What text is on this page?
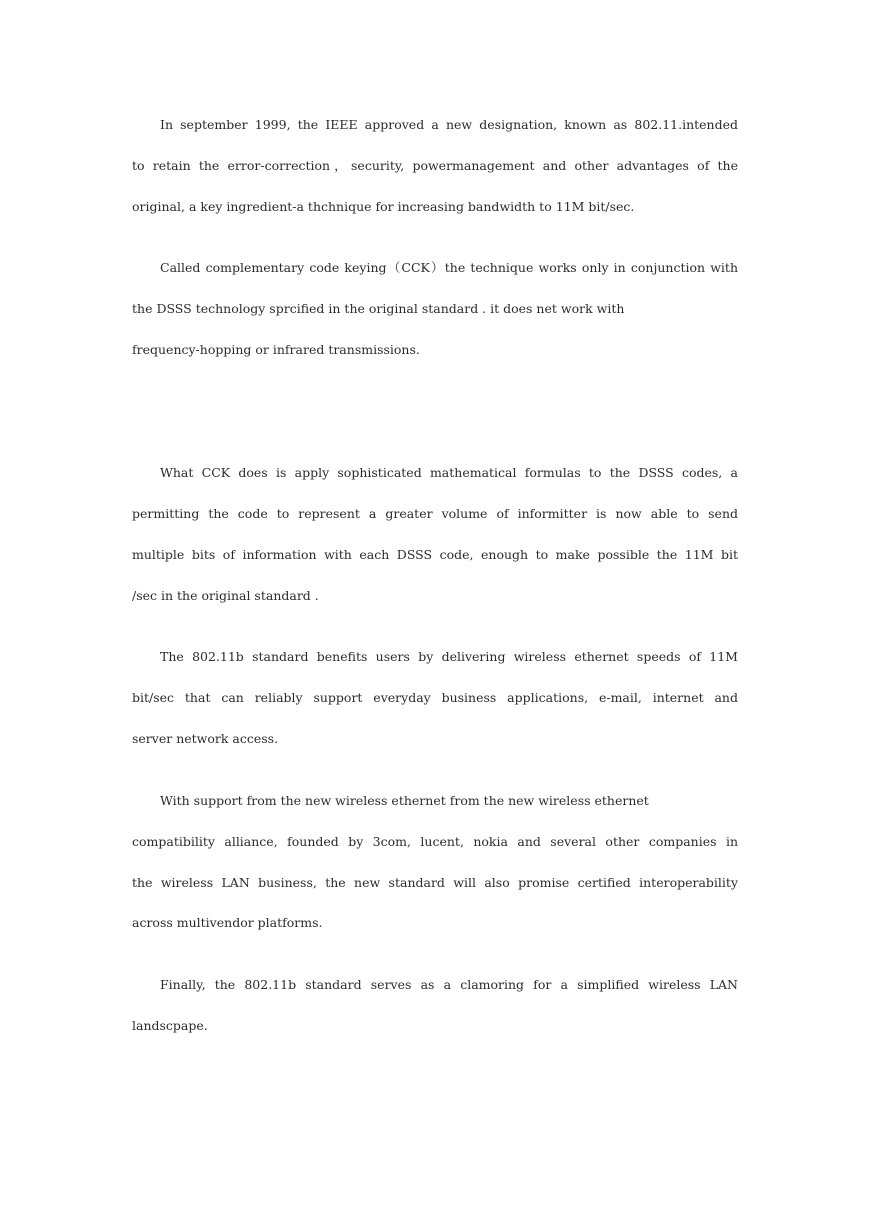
In september 1999, the IEEE approved a new designation, known as 802.11.intended

to retain the error-correction，security, powermanagement and other advantages of the

original, a key ingredient-a thchnique for increasing bandwidth to 11M bit/sec.

Called complementary code keying（CCK）the technique works only in conjunction with

the DSSS technology sprcified in the original standard . it does net work with

frequency-hopping or infrared transmissions.

What CCK does is apply sophisticated mathematical formulas to the DSSS codes, a

permitting the code to represent a greater volume of informitter is now able to send

multiple bits of information with each DSSS code, enough to make possible the 11M bit

/sec in the original standard .

The 802.11b standard benefits users by delivering wireless ethernet speeds of 11M

bit/sec that can reliably support everyday business applications, e-mail, internet and

server network access.

With support from the new wireless ethernet from the new wireless ethernet

compatibility alliance, founded by 3com, lucent, nokia and several other companies in

the wireless LAN business, the new standard will also promise certified interoperability

across multivendor platforms.

Finally, the 802.11b standard serves as a clamoring for a simplified wireless LAN

landscpape.
